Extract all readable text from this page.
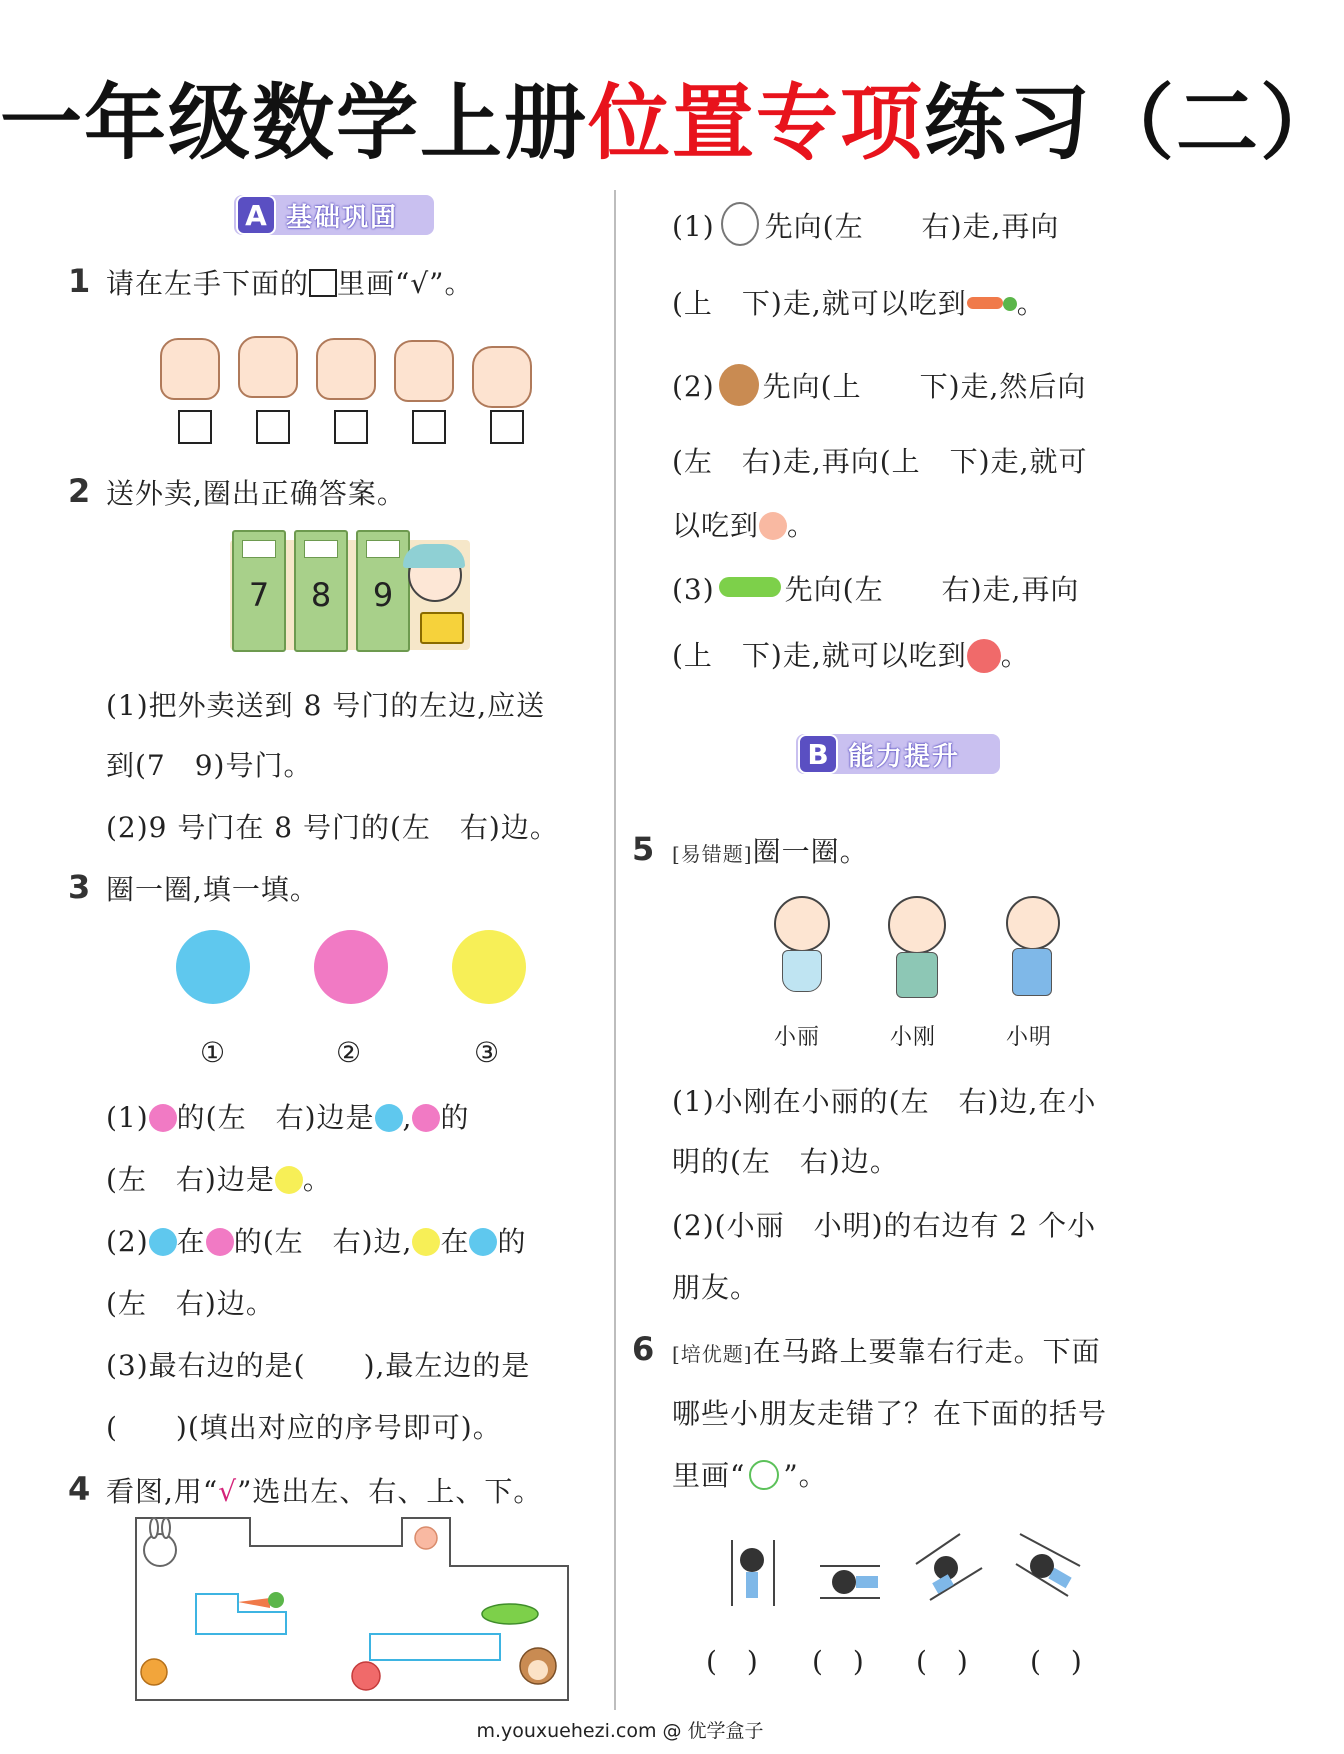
一年级数学上册位置专项练习（二）
A 基础巩固
1 请在左手下面的 里画“√”。
2 送外卖,圈出正确答案。
7	8	9
(1)把外卖送到 8 号门的左边,应送
到(7　9)号门。
(2)9 号门在 8 号门的(左　右)边。
3 圈一圈,填一填。
①	②	③
(1) 的(左　右)边是 , 的
(左　右)边是 。
(2) 在 的(左　右)边, 在 的
(左　右)边。
(3)最右边的是(　　),最左边的是
(　　)(填出对应的序号即可)。
4 看图,用“√”选出左、右、上、下。
(1) 先向(左　　右)走,再向
(上　下)走,就可以吃到 。
(2) 先向(上　　下)走,然后向
(左　右)走,再向(上　下)走,就可
以吃到 。
(3)	先向(左　　右)走,再向
(上　下)走,就可以吃到 。
B 能力提升
5 [易错题]圈一圈。
小丽	小刚	小明
(1)小刚在小丽的(左　右)边,在小
明的(左　右)边。
(2)(小丽　小明)的右边有 2 个小
朋友。
6 [培优题]在马路上要靠右行走。下面
哪些小朋友走错了？在下面的括号
里画“ ”。
(　) (　) (　) (　)
m.youxuehezi.com @ 优学盒子
